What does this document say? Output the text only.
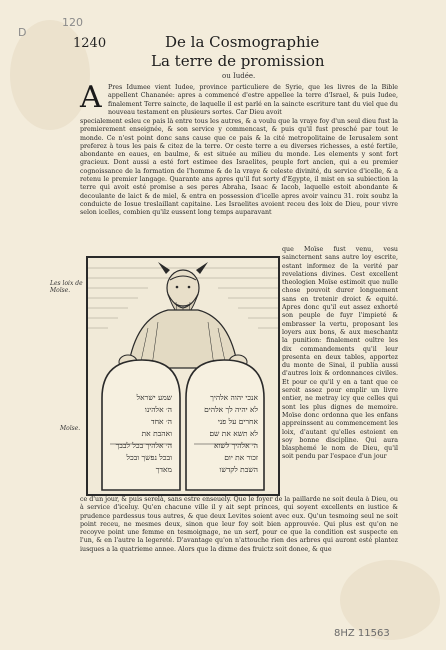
D
120
1240	De la Cosmographie
La terre de promission
ou Iudée.
A Pres Idumee vient Iudee, province particuliere de Syrie, que les livres de la Bible appellent Chananée: apres a commencé d'estre appellee la terre d'Israel, & puis Iudee, finalement Terre saincte, de laquelle il est parlé en la saincte escriture tant du viel que du nouveau testament en plusieurs sortes. Car Dieu avoit
specialement esleu ce pais là entre tous les autres, & a voulu que la vraye foy d'un seul dieu fust la premierement enseignée, & son service y commencast, & puis qu'il fust presché par tout le monde. Ce n'est point donc sans cause que ce pais & la cité metropolitaine de Ierusalem sont preferez à tous les pais & citez de la terre. Or ceste terre a eu diverses richesses, a esté fertile, abondante en eaues, en baulme, & est située au milieu du monde. Les elements y sont fort gracieux. Dont aussi a esté fort estimee des Israelites, peuple fort ancien, qui a eu premier cognoissance de la formation de l'homme & de la vraye & celeste divinité, du service d'icelle, & a retenu le premier langage. Quarante ans apres qu'il fut sorty d'Egypte, il mist en sa subiection la terre qui avoit esté promise a ses peres Abraha, Isaac & Iacob, laquelle estoit abondante & decoulante de laict & de miel, & entra en possession d'icelle apres avoir vaincu 31. roix soubz la conduicte de Iosue treslaillant capitaine. Les Israelites avoient receu des loix de Dieu, pour vivre selon icelles, combien qu'ilz eussent long temps auparavant
que Moïse fust venu, vesu saincternent sans autre loy escrite, estant informez de la verité par revelations divines. Cest excellent theologien Moïse estimoit que nulle chose pouvoit durer longuement sans en tretenir droict & equité. Apres donc qu'il eut assez exhorté son peuple de fuyr l'impieté & embrasser la vertu, proposant les loyers aux bons, & aux meschantz la punition: finalement oultre les dix commandements qu'il leur presenta en deux tables, apportez du monte de Sinai, il publia aussi d'autres loix & ordonnances civiles. Et pour ce qu'il y en a tant que ce seroit assez pour emplir un livre entier, ne metray icy que celles qui sont les plus dignes de memoire. Moïse donc ordonna que les enfans appreinssent au commencement les loix, d'autant qu'elles estoient en soy bonne discipline. Qui aura blasphemé le nom de Dieu, qu'il soit pendu par l'espace d'un jour
Les loix de Moïse.
Moïse.
שמע ישראל
ה׳ אלהינו
ה׳ אחד
ואהבת את
ה׳ אלהיך בכל לבבך
ובכל נפשך ובכל
מאדך
אנכי יהוה אלהיך
לא יהיה לך אלהים
אחרים על פני
לא תשא את שם
ה׳ אלהיך לשוא
זכור את יום
השבת לקדשו
ce d'un jour, & puis serelà, sans estre enseuely. Que le foyer de la paillarde ne soit deula à Dieu, ou à service d'iceluy. Qu'en chacune ville il y ait sept princes, qui soyent excellents en iustice & prudence pardessus tous autres, & que deux Levites soient avec eux. Qu'un tesmoing seul ne soit point receu, ne mesmes deux, sinon que leur foy soit bien approuvée. Qui plus est qu'on ne recoyve point une femme en tesmoignage, ne un serf, pour ce que la condition est suspecte en l'un, & en l'autre la legereté. D'avantage qu'on n'attouche rien des arbres qui auront esté plantez iusques a la quatrieme annee. Alors que la dixme des fruictz soit donee, & que
8HZ 11563
